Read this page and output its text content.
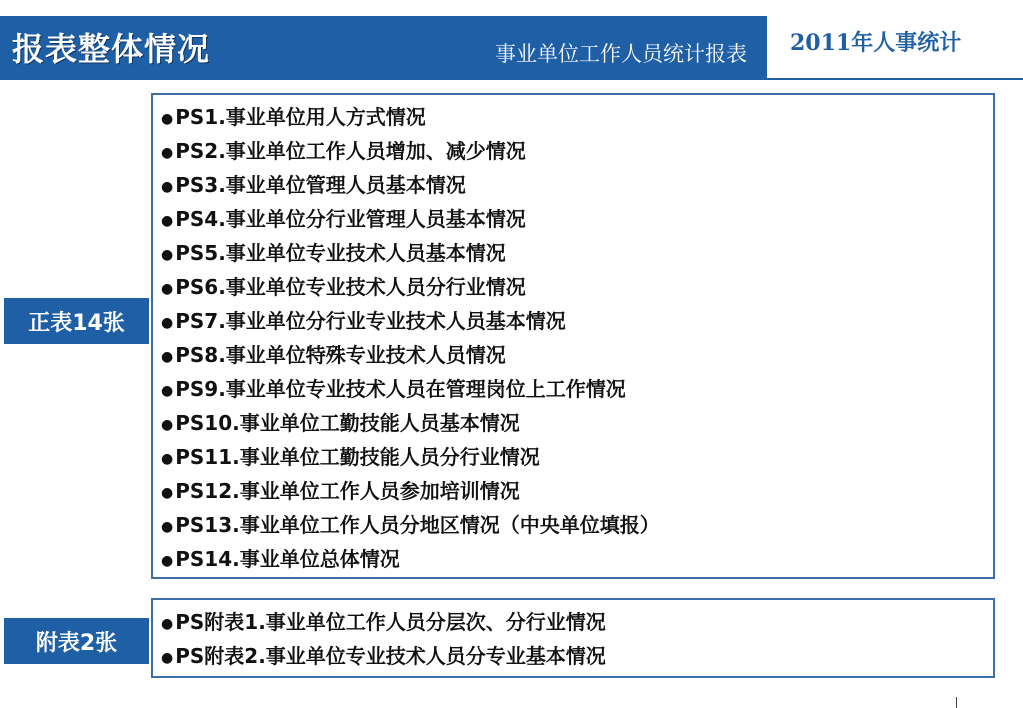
报表整体情况	事业单位工作人员统计报表 2011年人事统计
正表14张
● PS1.事业单位用人方式情况
● PS2.事业单位工作人员增加、减少情况
● PS3.事业单位管理人员基本情况
● PS4.事业单位分行业管理人员基本情况
● PS5.事业单位专业技术人员基本情况
● PS6.事业单位专业技术人员分行业情况
● PS7.事业单位分行业专业技术人员基本情况
● PS8.事业单位特殊专业技术人员情况
● PS9.事业单位专业技术人员在管理岗位上工作情况
● PS10.事业单位工勤技能人员基本情况
● PS11.事业单位工勤技能人员分行业情况
● PS12.事业单位工作人员参加培训情况
● PS13.事业单位工作人员分地区情况（中央单位填报）
● PS14.事业单位总体情况
附表2张
● PS附表1.事业单位工作人员分层次、分行业情况
● PS附表2.事业单位专业技术人员分专业基本情况
